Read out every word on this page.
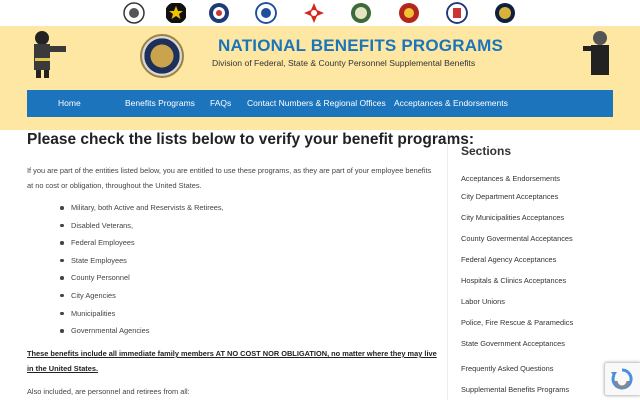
NATIONAL BENEFITS PROGRAMS
Division of Federal, State & County Personnel Supplemental Benefits
Home	Benefits Programs FAQs Contact Numbers & Regional Offices Acceptances & Endorsements
Please check the lists below to verify your benefit programs:

If you are part of the entities listed below, you are entitled to use these programs, as they are part of your employee benefits at no cost or obligation, throughout the United States.

Military, both Active and Reservists & Retirees,
Disabled Veterans,
Federal Employees
State Employees
County Personnel
City Agencies
Municipalities
Governmental Agencies

These benefits include all immediate family members AT NO COST NOR OBLIGATION, no matter where they may live in the United States.

Also included, are personnel and retirees from all:

Sections
Acceptances & Endorsements
City Department Acceptances
City Municipalities Acceptances
County Govermental Acceptances
Federal Agency Acceptances
Hospitals & Clinics Acceptances
Labor Unions
Police, Fire Rescue & Paramedics
State Government Acceptances
Frequently Asked Questions
Supplemental Benefits Programs
